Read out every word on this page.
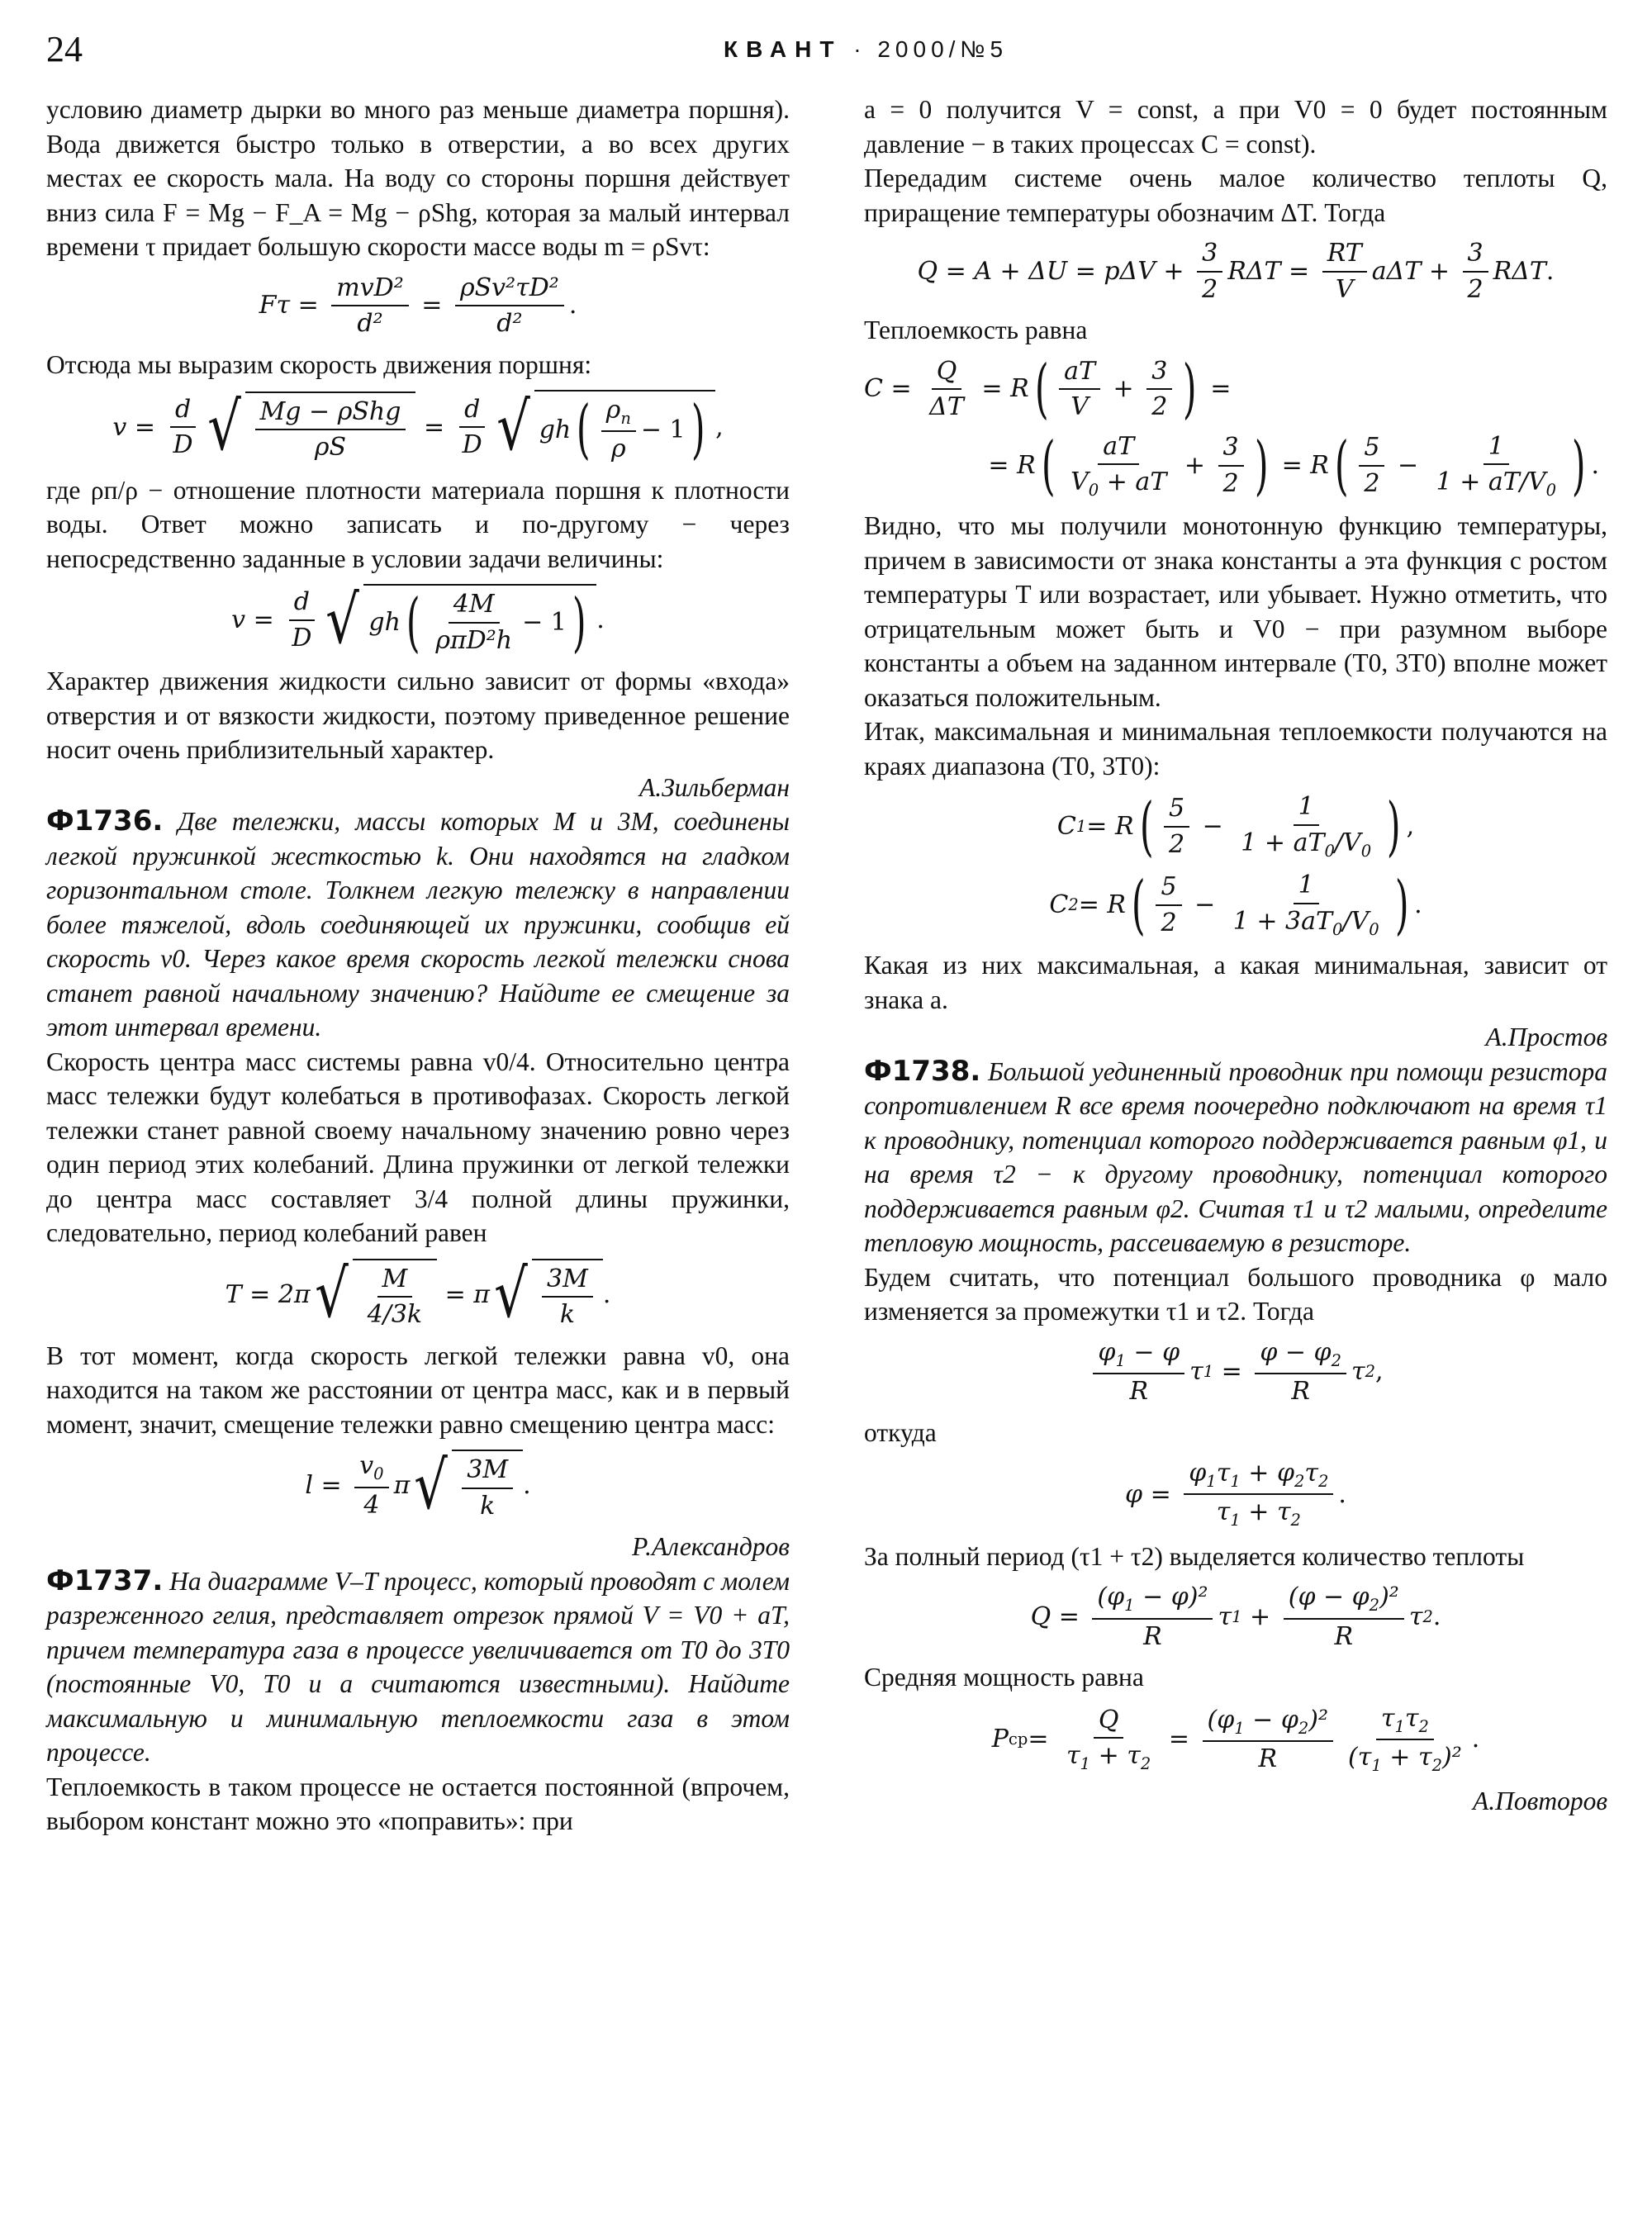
24	КВАНТ · 2000/№5

условию диаметр дырки во много раз меньше диаметра поршня). Вода движется быстро только в отверстии, а во всех других местах ее скорость мала. На воду со стороны поршня действует вниз сила F = Mg − F_A = Mg − ρShg, которая за малый интервал времени τ придает большую скорости массе воды m = ρSvτ:

$F\tau = \frac{\text{mvD²}}{\text{d²}} = \frac{\text{ρSv²τD²}}{\text{d²}}$ .

Отсюда мы выразим скорость движения поршня:

$v = \frac{d}{D}$ √ $\frac{\text{Mg − ρShg}}{\rho S} = \frac{d}{D}$ √ gh ( $\frac{\rho_п}{\rho} - 1$ ) ,

где ρп/ρ − отношение плотности материала поршня к плотности воды. Ответ можно записать и по-другому − через непосредственно заданные в условии задачи величины:

$v = \frac{d}{D}$ √ gh ( $\frac{4M}{\text{ρπD²h}} - 1$ ) .

Характер движения жидкости сильно зависит от формы «входа» отверстия и от вязкости жидкости, поэтому приведенное решение носит очень приблизительный характер.

А.Зильберман

Ф1736. Две тележки, массы которых M и 3M, соединены легкой пружинкой жесткостью k. Они находятся на гладком горизонтальном столе. Толкнем легкую тележку в направлении более тяжелой, вдоль соединяющей их пружинки, сообщив ей скорость v0. Через какое время скорость легкой тележки снова станет равной начальному значению? Найдите ее смещение за этот интервал времени.

Скорость центра масс системы равна v0/4. Относительно центра масс тележки будут колебаться в противофазах. Скорость легкой тележки станет равной своему начальному значению ровно через один период этих колебаний. Длина пружинки от легкой тележки до центра масс составляет 3/4 полной длины пружинки, следовательно, период колебаний равен

T = 2π √ $\frac{M}{4/3k} = \pi$ √ $\frac{3M}{k}$ .

В тот момент, когда скорость легкой тележки равна v0, она находится на таком же расстоянии от центра масс, как и в первый момент, значит, смещение тележки равно смещению центра масс:

$l = \frac{v_0}{4}$ π √ $\frac{3M}{k}$ .
Р.Александров

Ф1737. На диаграмме V–T процесс, который проводят с молем разреженного гелия, представляет отрезок прямой V = V0 + aT, причем температура газа в процессе увеличивается от T0 до 3T0 (постоянные V0, T0 и a считаются известными). Найдите максимальную и минимальную теплоемкости газа в этом процессе.

Теплоемкость в таком процессе не остается постоянной (впрочем, выбором констант можно это «поправить»: при

a = 0 получится V = const, а при V0 = 0 будет постоянным давление − в таких процессах C = const).

Передадим системе очень малое количество теплоты Q, приращение температуры обозначим ΔT. Тогда

$Q = A + \Delta U = p\Delta V + \frac{3}{2}$ $R\Delta T = \frac{RT}{V}$ $a\Delta T + \frac{3}{2}$ RΔT .

Теплоемкость равна

$C = \frac{Q}{\Delta T} = R$ ( $\frac{aT}{V} + \frac{3}{2}$ ) =
= R ( $\frac{aT}{V_0 + aT} + \frac{3}{2}$ ) = R ( $\frac{5}{2} - \frac{1}{1 + aT/V_0}$ ) .

Видно, что мы получили монотонную функцию температуры, причем в зависимости от знака константы a эта функция с ростом температуры T или возрастает, или убывает. Нужно отметить, что отрицательным может быть и V0 − при разумном выборе константы a объем на заданном интервале (T0, 3T0) вполне может оказаться положительным.

Итак, максимальная и минимальная теплоемкости получаются на краях диапазона (T0, 3T0):

C 1 = R ( $\frac{5}{2} - \frac{1}{1 + aT_0/V_0}$ ) ,
C 2 = R ( $\frac{5}{2} - \frac{1}{1 + 3aT_0/V_0}$ ) .

Какая из них максимальная, а какая минимальная, зависит от знака a.

А.Простов

Ф1738. Большой уединенный проводник при помощи резистора сопротивлением R все время поочередно подключают на время τ1 к проводнику, потенциал которого поддерживается равным φ1, и на время τ2 − к другому проводнику, потенциал которого поддерживается равным φ2. Считая τ1 и τ2 малыми, определите тепловую мощность, рассеиваемую в резисторе.

Будем считать, что потенциал большого проводника φ мало изменяется за промежутки τ1 и τ2. Тогда

$\frac{\varphi_1 - \varphi}{R}$ τ $1 = \frac{\varphi - \varphi_2}{R}$ τ 2 ,

откуда

$\varphi = \frac{\varphi_1\tau_1 + \varphi_2\tau_2}{\tau_1 + \tau_2}$ .

За полный период (τ1 + τ2) выделяется количество теплоты

$Q = \frac{(\varphi_1 - \varphi)^2}{R}$ τ $1 + \frac{(\varphi - \varphi_2)^2}{R}$ τ 2 .

Средняя мощность равна

P ср = $\frac{Q}{\tau_1 + \tau_2} = \frac{(\varphi_1 - \varphi_2)^2}{R} \frac{\tau_1\tau_2}{(\tau_1 + \tau_2)^2}$ .
А.Повторов
